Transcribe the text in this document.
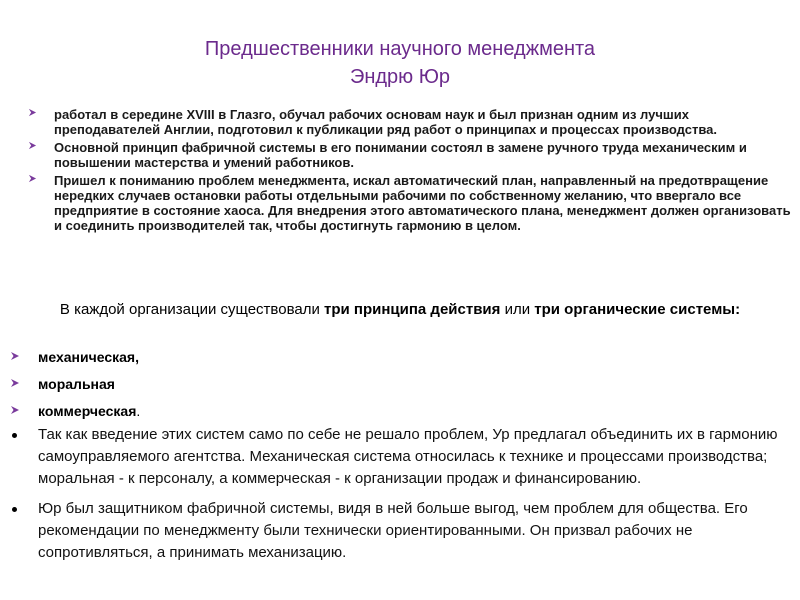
Предшественники научного менеджмента
Эндрю Юр
работал в середине XVIII в Глазго, обучал рабочих основам наук и был признан одним из лучших преподавателей Англии, подготовил к публикации ряд работ о принципах и процессах производства.
Основной принцип фабричной системы в его понимании состоял в замене ручного труда механическим и повышении мастерства и умений работников.
Пришел к пониманию проблем менеджмента, искал автоматический план, направленный на предотвращение нередких случаев остановки работы отдельными рабочими по собственному желанию, что ввергало все предприятие в состояние хаоса. Для внедрения этого автоматического плана, менеджмент должен организовать и соединить производителей так, чтобы достигнуть гармонию в целом.
В каждой организации существовали три принципа действия или три органические системы:
механическая,
моральная
коммерческая.
Так как введение этих систем само по себе не решало проблем, Ур предлагал объединить их в гармонию самоуправляемого агентства. Механическая система относилась к технике и процессами производства; моральная - к персоналу, а коммерческая - к организации продаж и финансированию.
Юр был защитником фабричной системы, видя в ней больше выгод, чем проблем для общества. Его рекомендации по менеджменту были технически ориентированными. Он призвал рабочих не сопротивляться, а принимать механизацию.
